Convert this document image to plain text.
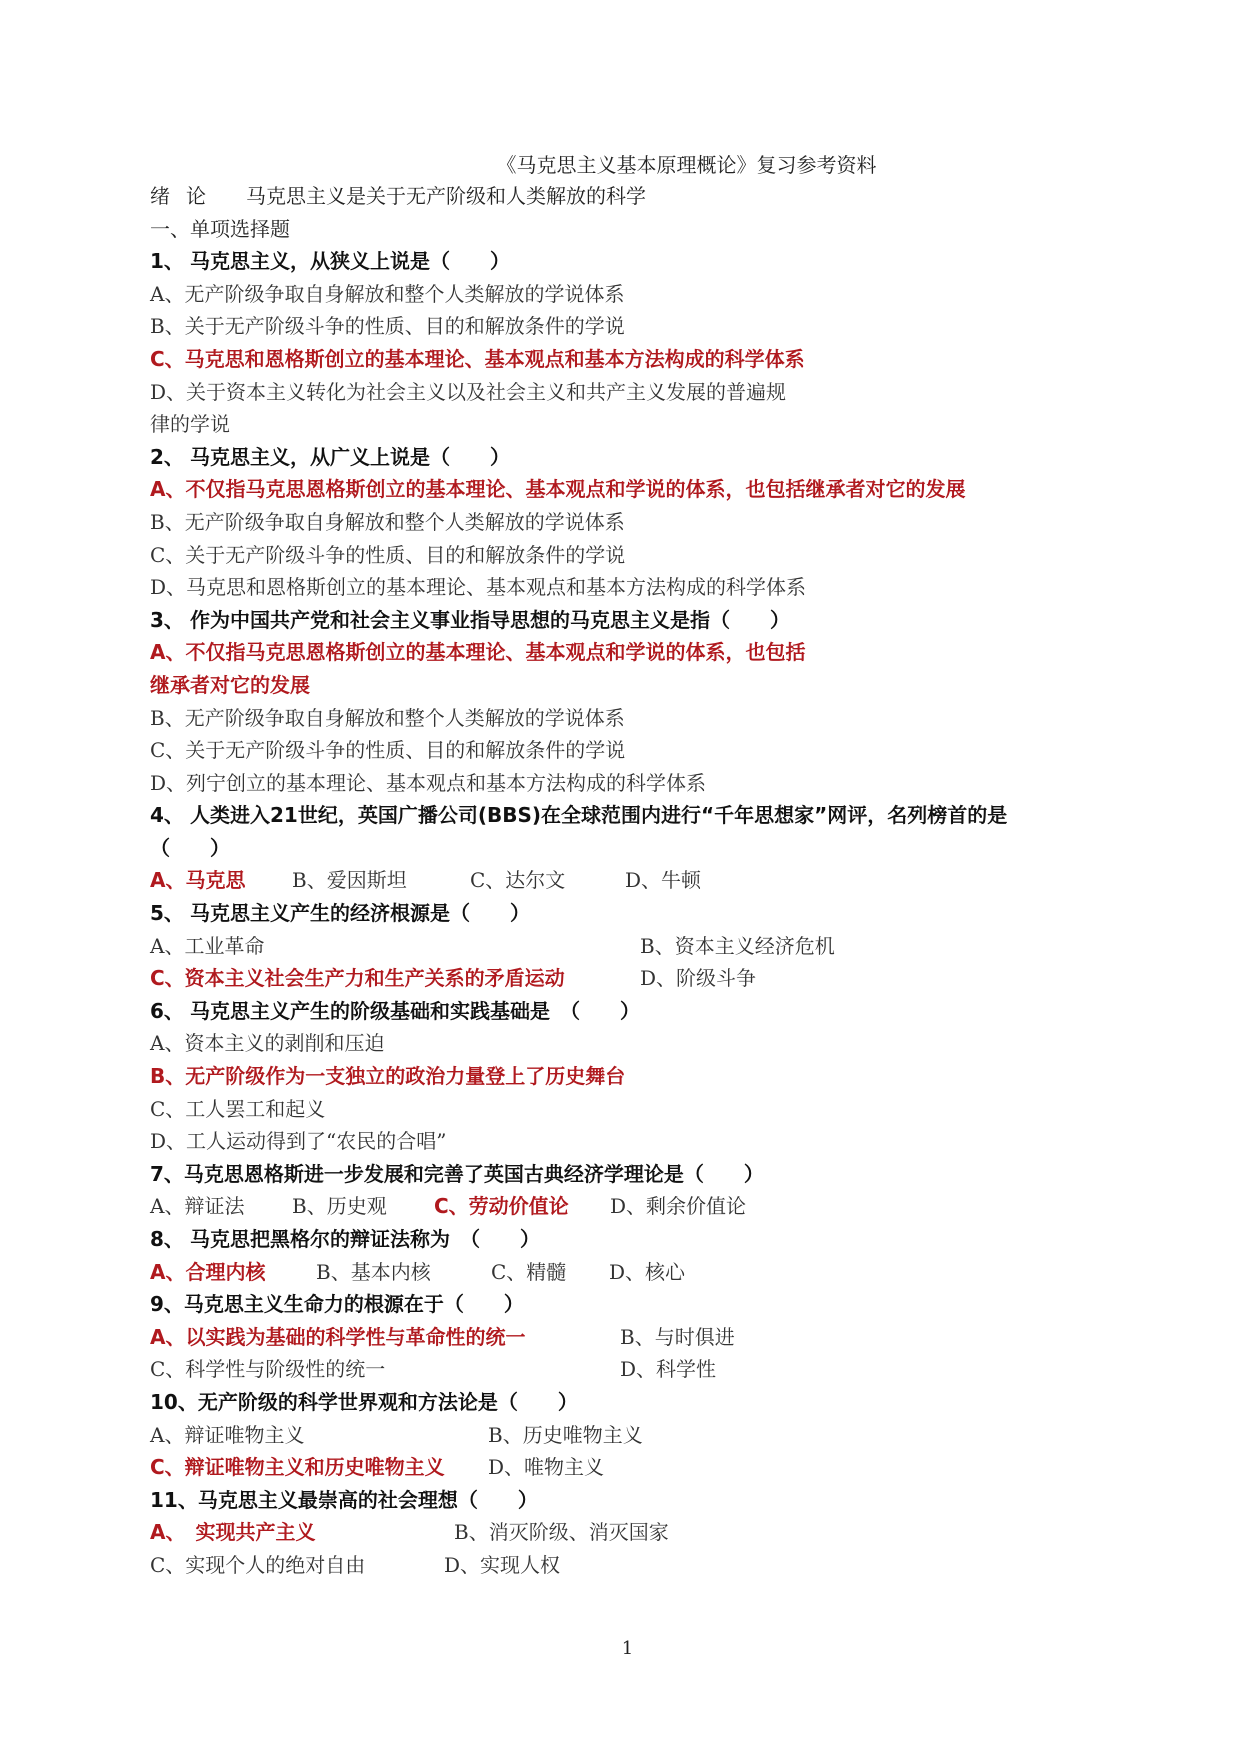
《马克思主义基本原理概论》复习参考资料
绪论 马克思主义是关于无产阶级和人类解放的科学
一、单项选择题
1、 马克思主义，从狭义上说是（　　）
A、无产阶级争取自身解放和整个人类解放的学说体系
B、关于无产阶级斗争的性质、目的和解放条件的学说
C、马克思和恩格斯创立的基本理论、基本观点和基本方法构成的科学体系
D、关于资本主义转化为社会主义以及社会主义和共产主义发展的普遍规
律的学说
2、 马克思主义，从广义上说是（　　）
A、不仅指马克思恩格斯创立的基本理论、基本观点和学说的体系，也包括继承者对它的发展
B、无产阶级争取自身解放和整个人类解放的学说体系
C、关于无产阶级斗争的性质、目的和解放条件的学说
D、马克思和恩格斯创立的基本理论、基本观点和基本方法构成的科学体系
3、 作为中国共产党和社会主义事业指导思想的马克思主义是指（　　）
A、不仅指马克思恩格斯创立的基本理论、基本观点和学说的体系，也包括
继承者对它的发展
B、无产阶级争取自身解放和整个人类解放的学说体系
C、关于无产阶级斗争的性质、目的和解放条件的学说
D、列宁创立的基本理论、基本观点和基本方法构成的科学体系
4、 人类进入21世纪，英国广播公司(BBS)在全球范围内进行“千年思想家”网评，名列榜首的是
（　　）
A、马克思	B、爱因斯坦	C、达尔文	D、牛顿
5、 马克思主义产生的经济根源是（　　）
A、工业革命	B、资本主义经济危机
C、资本主义社会生产力和生产关系的矛盾运动	D、阶级斗争
6、 马克思主义产生的阶级基础和实践基础是　（　　）
A、资本主义的剥削和压迫
B、无产阶级作为一支独立的政治力量登上了历史舞台
C、工人罢工和起义
D、工人运动得到了“农民的合唱”
7、马克思恩格斯进一步发展和完善了英国古典经济学理论是（　　）
A、辩证法	B、历史观	C、劳动价值论	D、剩余价值论
8、 马克思把黑格尔的辩证法称为　（　　）
A、合理内核	B、基本内核	C、精髓	D、核心
9、马克思主义生命力的根源在于（　　）
A、以实践为基础的科学性与革命性的统一	B、与时俱进
C、科学性与阶级性的统一	D、科学性
10、无产阶级的科学世界观和方法论是（　　）
A、辩证唯物主义	B、历史唯物主义
C、辩证唯物主义和历史唯物主义	D、唯物主义
11、马克思主义最崇高的社会理想（　　）
A、　实现共产主义	B、消灭阶级、消灭国家
C、实现个人的绝对自由	D、实现人权
1
